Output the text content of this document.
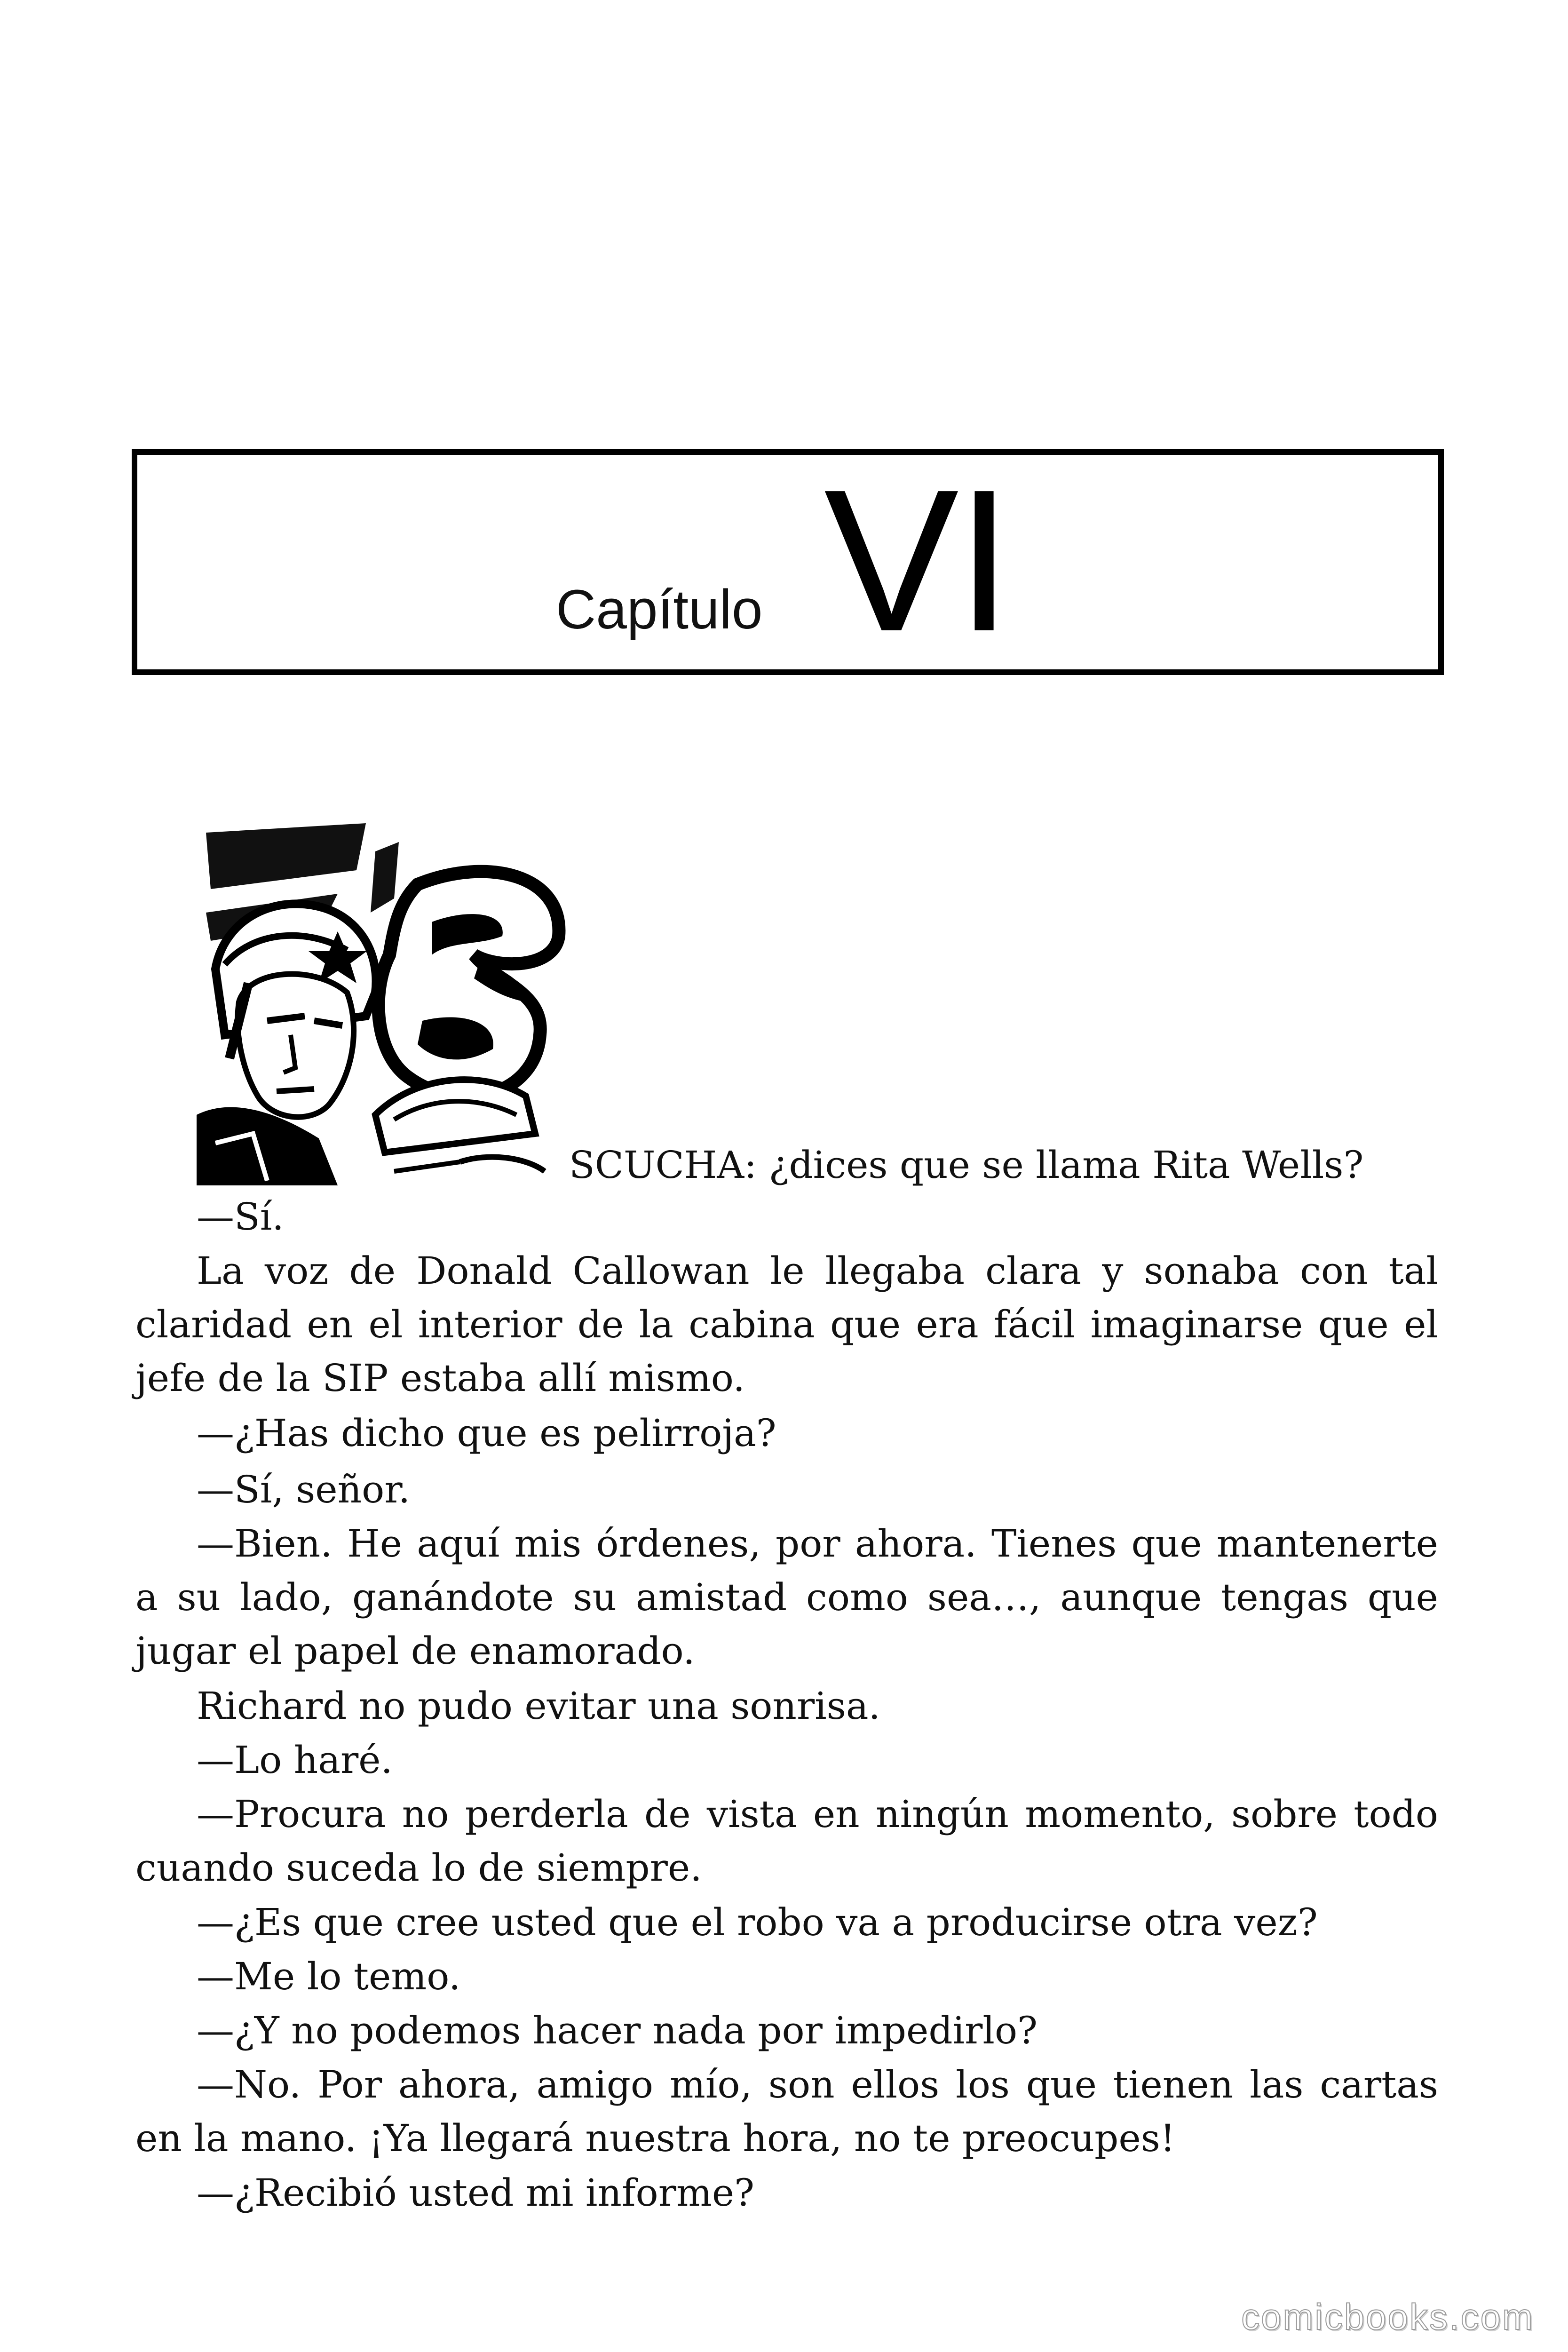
Capítulo VI
SCUCHA: ¿dices que se llama Rita Wells?
—Sí.
La voz de Donald Callowan le llegaba clara y sonaba con tal claridad en el interior de la cabina que era fácil imaginarse que el jefe de la SIP estaba allí mismo.
—¿Has dicho que es pelirroja?
—Sí, señor.
—Bien. He aquí mis órdenes, por ahora. Tienes que mantenerte a su lado, ganándote su amistad como sea…, aunque tengas que jugar el papel de enamorado.
Richard no pudo evitar una sonrisa.
—Lo haré.
—Procura no perderla de vista en ningún momento, sobre todo cuando suceda lo de siempre.
—¿Es que cree usted que el robo va a producirse otra vez?
—Me lo temo.
—¿Y no podemos hacer nada por impedirlo?
—No. Por ahora, amigo mío, son ellos los que tienen las cartas en la mano. ¡Ya llegará nuestra hora, no te preocupes!
—¿Recibió usted mi informe?
comicbooks.com
